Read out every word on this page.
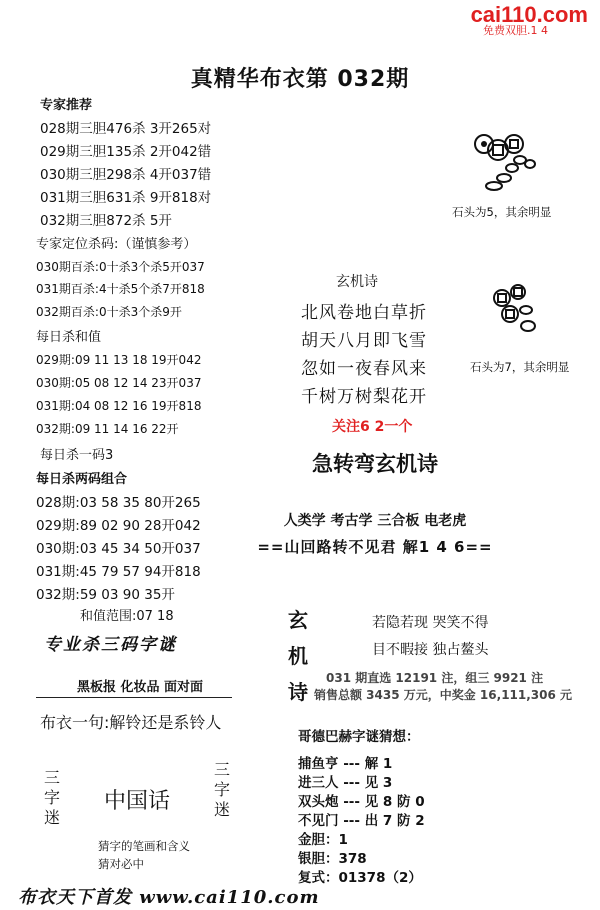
cai110.com
免费双胆.1 4
真精华布衣第 032期
专家推荐
028期三胆476杀 3开265对
029期三胆135杀 2开042错
030期三胆298杀 4开037错
031期三胆631杀 9开818对
032期三胆872杀 5开
专家定位杀码:（谨慎参考）
030期百杀:0十杀3个杀5开037
031期百杀:4十杀5个杀7开818
032期百杀:0十杀3个杀9开
每日杀和值
029期:09 11 13 18 19开042
030期:05 08 12 14 23开037
031期:04 08 12 16 19开818
032期:09 11 14 16 22开
每日杀一码3
每日杀两码组合
028期:03 58 35 80开265
029期:89 02 90 28开042
030期:03 45 34 50开037
031期:45 79 57 94开818
032期:59 03 90 35开
和值范围:07 18
专业杀三码字谜
黑板报 化妆品 面对面
布衣一句:解铃还是系铃人
三字迷
三字迷
中国话
猜字的笔画和含义
猜对必中
石头为5，其余明显
石头为7，其余明显
玄机诗
北风卷地白草折
胡天八月即飞雪
忽如一夜春风来
千树万树梨花开
关注6 2一个
急转弯玄机诗
人类学 考古学 三合板 电老虎
==山回路转不见君 解1 4 6==
玄
机
诗
若隐若现 哭笑不得
目不暇接 独占鳌头
031 期直选 12191 注，组三 9921 注
销售总额 3435 万元，中奖金 16,111,306 元
哥德巴赫字谜猜想：
捕鱼亨 --- 解 1
进三人 --- 见 3
双头炮 --- 见 8 防 0
不见门 --- 出 7 防 2
金胆：1
银胆：378
复式：01378（2）
布衣天下首发 www.cai110.com
